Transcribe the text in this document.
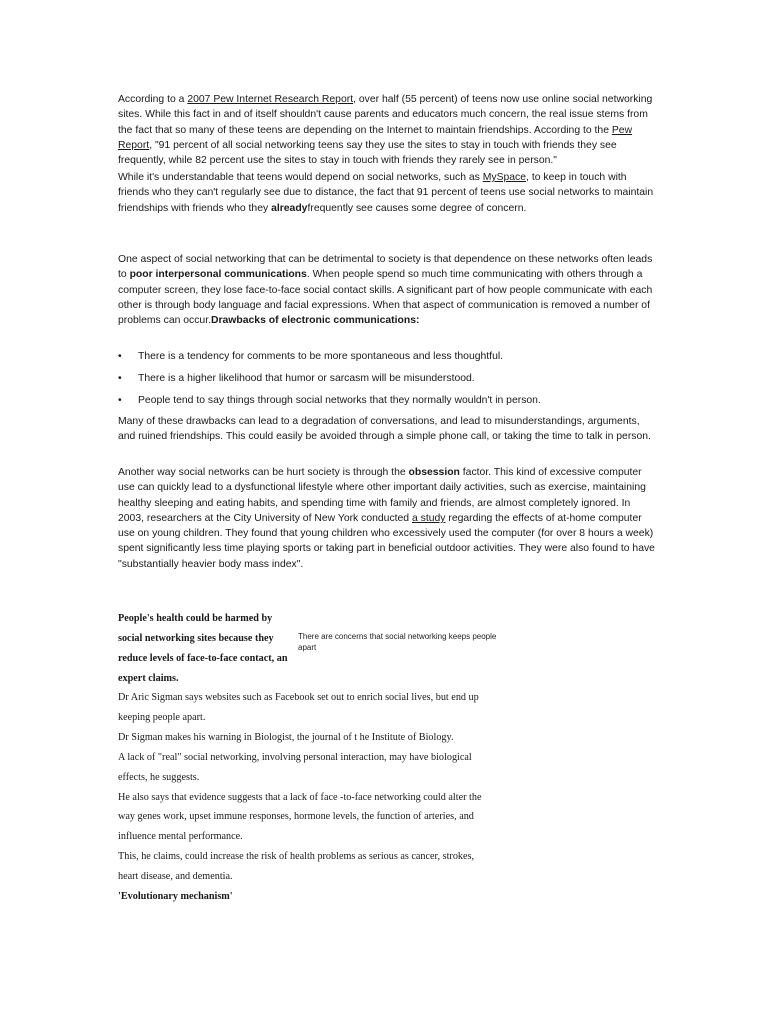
According to a 2007 Pew Internet Research Report, over half (55 percent) of teens now use online social networking sites. While this fact in and of itself shouldn't cause parents and educators much concern, the real issue stems from the fact that so many of these teens are depending on the Internet to maintain friendships. According to the Pew Report, "91 percent of all social networking teens say they use the sites to stay in touch with friends they see frequently, while 82 percent use the sites to stay in touch with friends they rarely see in person."

While it's understandable that teens would depend on social networks, such as MySpace, to keep in touch with friends who they can't regularly see due to distance, the fact that 91 percent of teens use social networks to maintain friendships with friends who they alreadyfrequently see causes some degree of concern.

One aspect of social networking that can be detrimental to society is that dependence on these networks often leads to poor interpersonal communications. When people spend so much time communicating with others through a computer screen, they lose face-to-face social contact skills. A significant part of how people communicate with each other is through body language and facial expressions. When that aspect of communication is removed a number of problems can occur.Drawbacks of electronic communications:

• There is a tendency for comments to be more spontaneous and less thoughtful.
• There is a higher likelihood that humor or sarcasm will be misunderstood.
• People tend to say things through social networks that they normally wouldn't in person.

Many of these drawbacks can lead to a degradation of conversations, and lead to misunderstandings, arguments, and ruined friendships. This could easily be avoided through a simple phone call, or taking the time to talk in person.

Another way social networks can be hurt society is through the obsession factor. This kind of excessive computer use can quickly lead to a dysfunctional lifestyle where other important daily activities, such as exercise, maintaining healthy sleeping and eating habits, and spending time with family and friends, are almost completely ignored. In 2003, researchers at the City University of New York conducted a study regarding the effects of at-home computer use on young children. They found that young children who excessively used the computer (for over 8 hours a week) spent significantly less time playing sports or taking part in beneficial outdoor activities. They were also found to have "substantially heavier body mass index".

People's health could be harmed by
social networking sites because they
reduce levels of face-to-face contact, an
expert claims.
There are concerns that social networking keeps people apart
Dr Aric Sigman says websites such as Facebook set out to enrich social lives, but end up
keeping people apart.
Dr Sigman makes his warning in Biologist, the journal of t he Institute of Biology.
A lack of "real" social networking, involving personal interaction, may have biological
effects, he suggests.
He also says that evidence suggests that a lack of face -to-face networking could alter the
way genes work, upset immune responses, hormone levels, the function of arteries, and
influence mental performance.
This, he claims, could increase the risk of health problems as serious as cancer, strokes,
heart disease, and dementia.
'Evolutionary mechanism'
